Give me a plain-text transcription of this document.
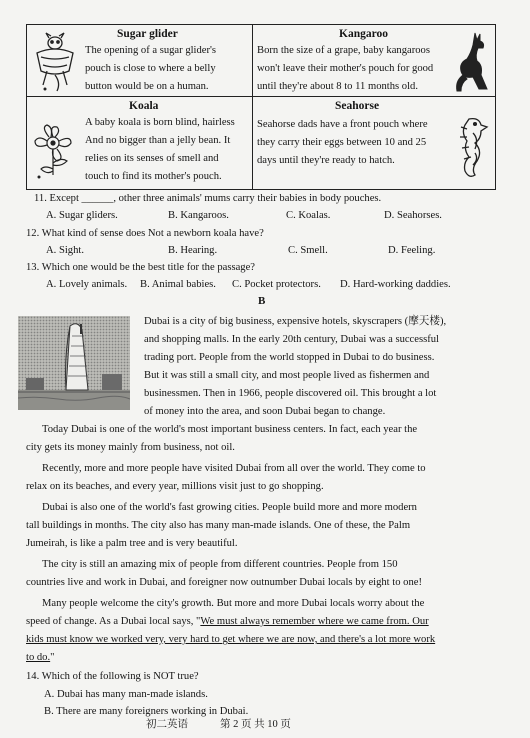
Sugar glider
The opening of a sugar glider's
pouch is close to where a belly
button would be on a human.
Kangaroo
Born the size of a grape, baby kangaroos
won't leave their mother's pouch for good
until they're about 8 to 11 months old.
Koala
A baby koala is born blind, hairless
And no bigger than a jelly bean. It
relies on its senses of smell and
touch to find its mother's pouch.
Seahorse
Seahorse dads have a front pouch where
they carry their eggs between 10 and 25
days until they're ready to hatch.
11. Except ______, other three animals' mums carry their babies in body pouches.
A. Sugar gliders.	B. Kangaroos.	C. Koalas.	D. Seahorses.
12. What kind of sense does Not a newborn koala have?
A. Sight.	B. Hearing.	C. Smell.	D. Feeling.
13. Which one would be the best title for the passage?
A. Lovely animals. B. Animal babies. C. Pocket protectors. D. Hard-working daddies.
B
Dubai is a city of big business, expensive hotels, skyscrapers (摩天楼),
and shopping malls. In the early 20th century, Dubai was a successful
trading port. People from the world stopped in Dubai to do business.
But it was still a small city, and most people lived as fishermen and
businessmen. Then in 1966, people discovered oil. This brought a lot
of money into the area, and soon Dubai began to change.
Today Dubai is one of the world's most important business centers. In fact, each year the
city gets its money mainly from business, not oil.
Recently, more and more people have visited Dubai from all over the world. They come to
relax on its beaches, and every year, millions visit just to go shopping.
Dubai is also one of the world's fast growing cities. People build more and more modern
tall buildings in months. The city also has many man-made islands. One of these, the Palm
Jumeirah, is like a palm tree and is very beautiful.
The city is still an amazing mix of people from different countries. People from 150
countries live and work in Dubai, and foreigner now outnumber Dubai locals by eight to one!
Many people welcome the city's growth. But more and more Dubai locals worry about the
speed of change. As a Dubai local says, "We must always remember where we came from. Our
kids must know we worked very, very hard to get where we are now, and there's a lot more work
to do."
14. Which of the following is NOT true?
A. Dubai has many man-made islands.
B. There are many foreigners working in Dubai.
初二英语	第 2 页 共 10 页
